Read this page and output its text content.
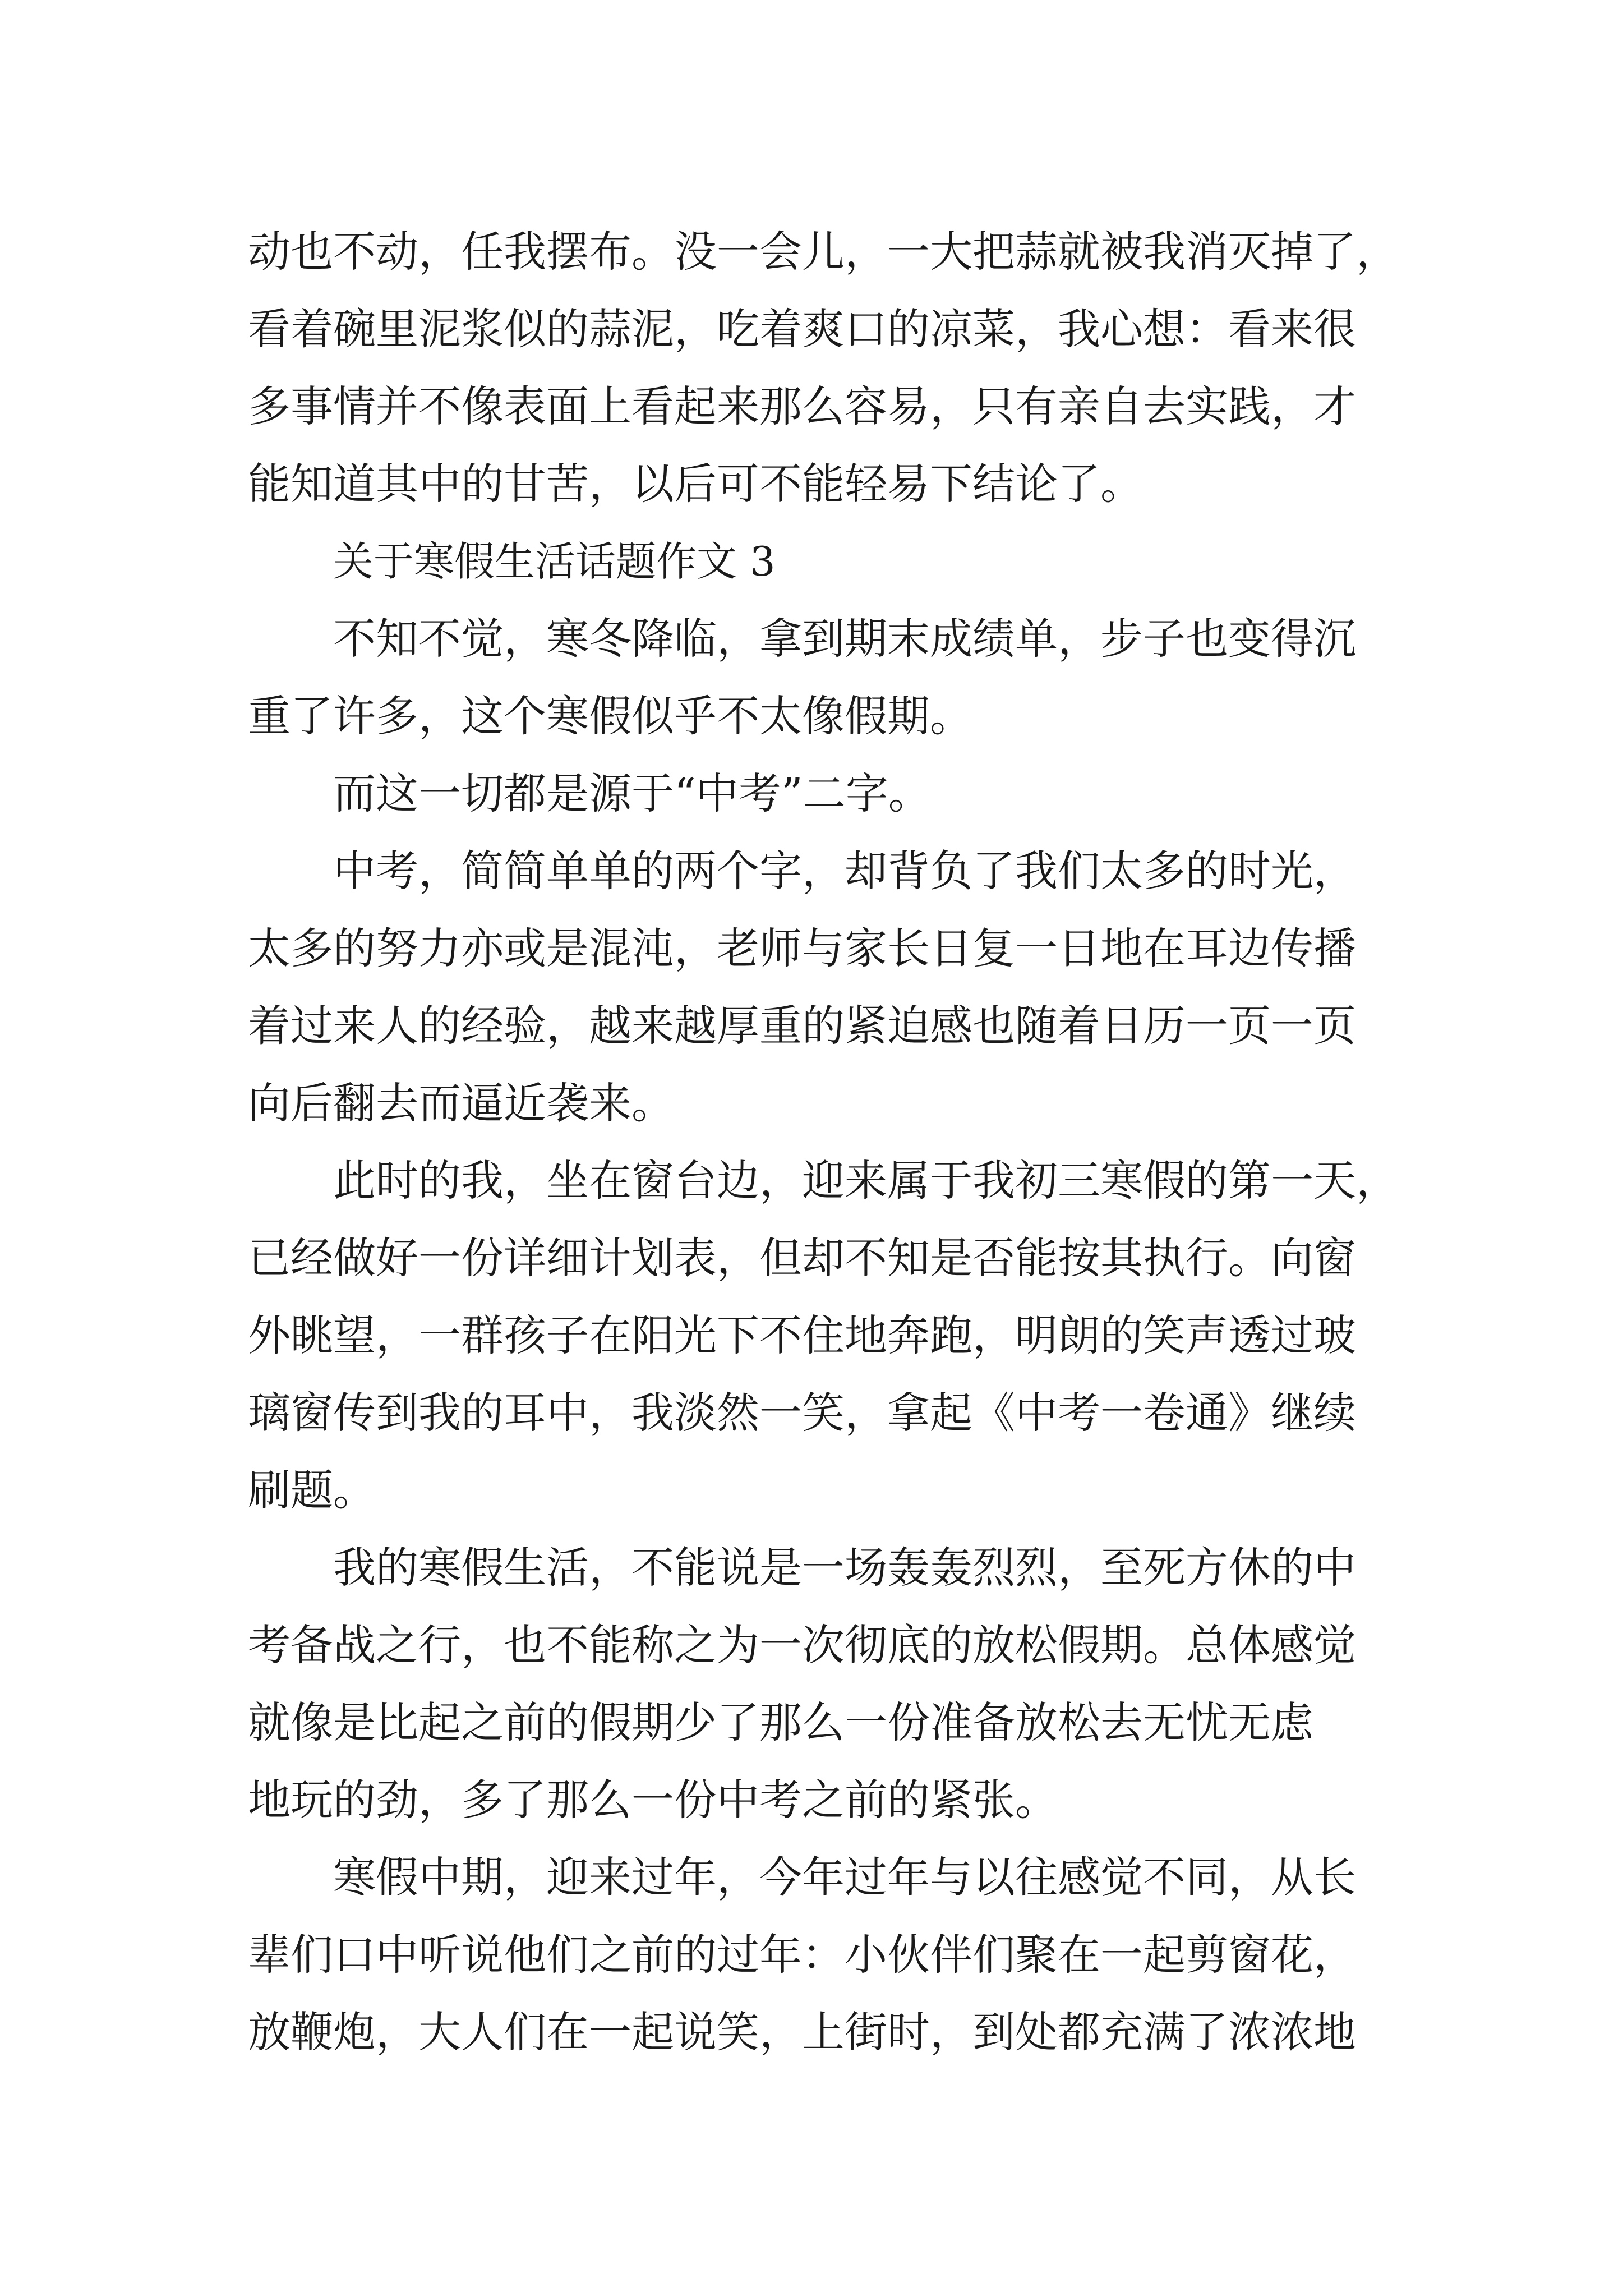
动也不动，任我摆布。没一会儿，一大把蒜就被我消灭掉了，
看着碗里泥浆似的蒜泥，吃着爽口的凉菜，我心想：看来很
多事情并不像表面上看起来那么容易，只有亲自去实践，才
能知道其中的甘苦，以后可不能轻易下结论了。
关于寒假生活话题作文 3
不知不觉，寒冬降临，拿到期末成绩单，步子也变得沉
重了许多，这个寒假似乎不太像假期。
而这一切都是源于“中考”二字。
中考，简简单单的两个字，却背负了我们太多的时光，
太多的努力亦或是混沌，老师与家长日复一日地在耳边传播
着过来人的经验，越来越厚重的紧迫感也随着日历一页一页
向后翻去而逼近袭来。
此时的我，坐在窗台边，迎来属于我初三寒假的第一天，
已经做好一份详细计划表，但却不知是否能按其执行。向窗
外眺望，一群孩子在阳光下不住地奔跑，明朗的笑声透过玻
璃窗传到我的耳中，我淡然一笑，拿起《中考一卷通》继续
刷题。
我的寒假生活，不能说是一场轰轰烈烈，至死方休的中
考备战之行，也不能称之为一次彻底的放松假期。总体感觉
就像是比起之前的假期少了那么一份准备放松去无忧无虑
地玩的劲，多了那么一份中考之前的紧张。
寒假中期，迎来过年，今年过年与以往感觉不同，从长
辈们口中听说他们之前的过年：小伙伴们聚在一起剪窗花，
放鞭炮，大人们在一起说笑，上街时，到处都充满了浓浓地
